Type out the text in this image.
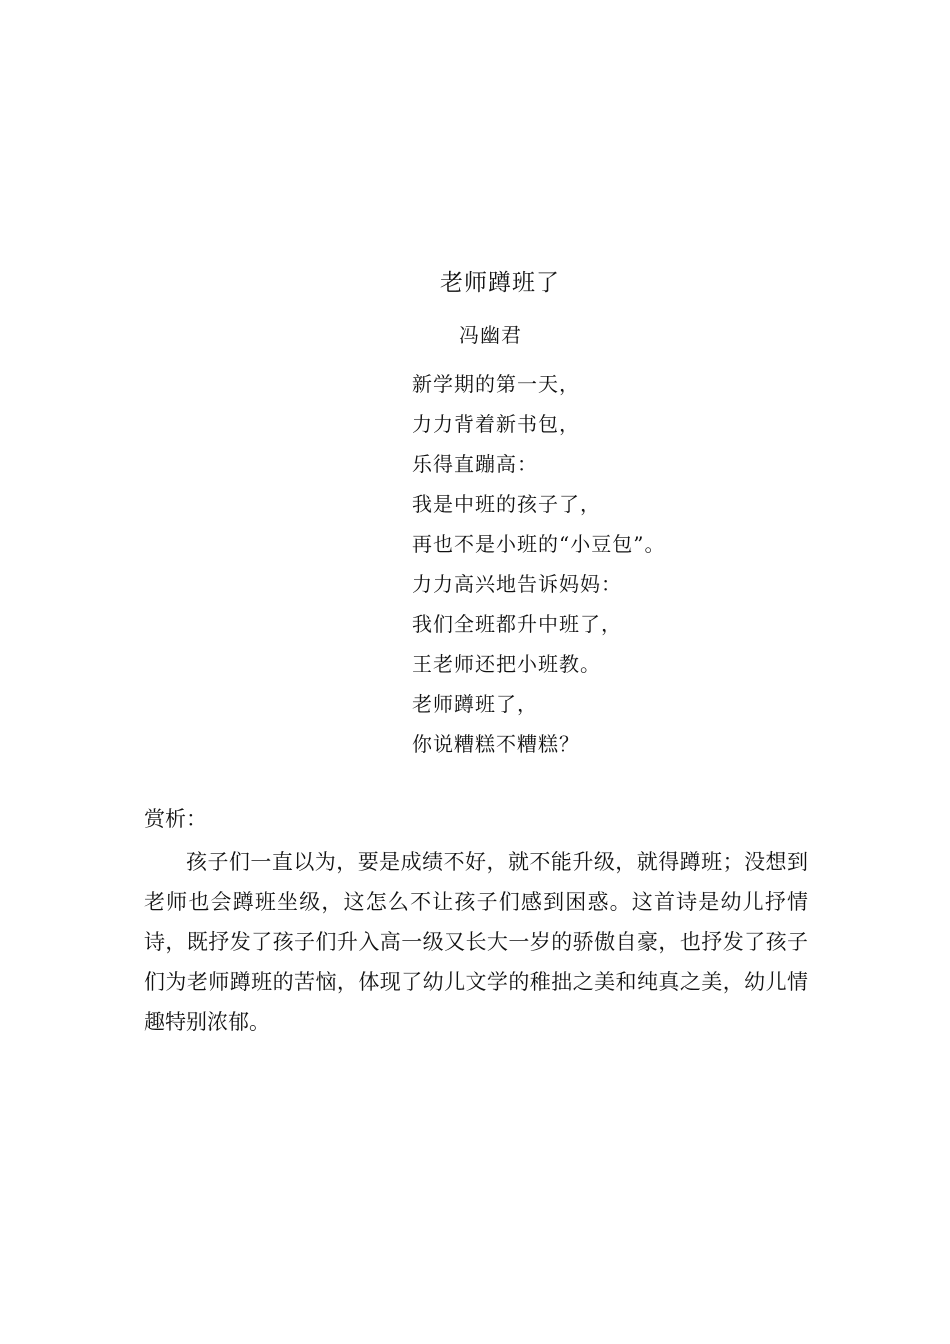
老师蹲班了
冯幽君
新学期的第一天，
力力背着新书包，
乐得直蹦高：
我是中班的孩子了，
再也不是小班的“小豆包”。
力力高兴地告诉妈妈：
我们全班都升中班了，
王老师还把小班教。
老师蹲班了，
你说糟糕不糟糕？
赏析：

孩子们一直以为，要是成绩不好，就不能升级，就得蹲班；没想到老师也会蹲班坐级，这怎么不让孩子们感到困惑。这首诗是幼儿抒情诗，既抒发了孩子们升入高一级又长大一岁的骄傲自豪，也抒发了孩子们为老师蹲班的苦恼，体现了幼儿文学的稚拙之美和纯真之美，幼儿情趣特别浓郁。
